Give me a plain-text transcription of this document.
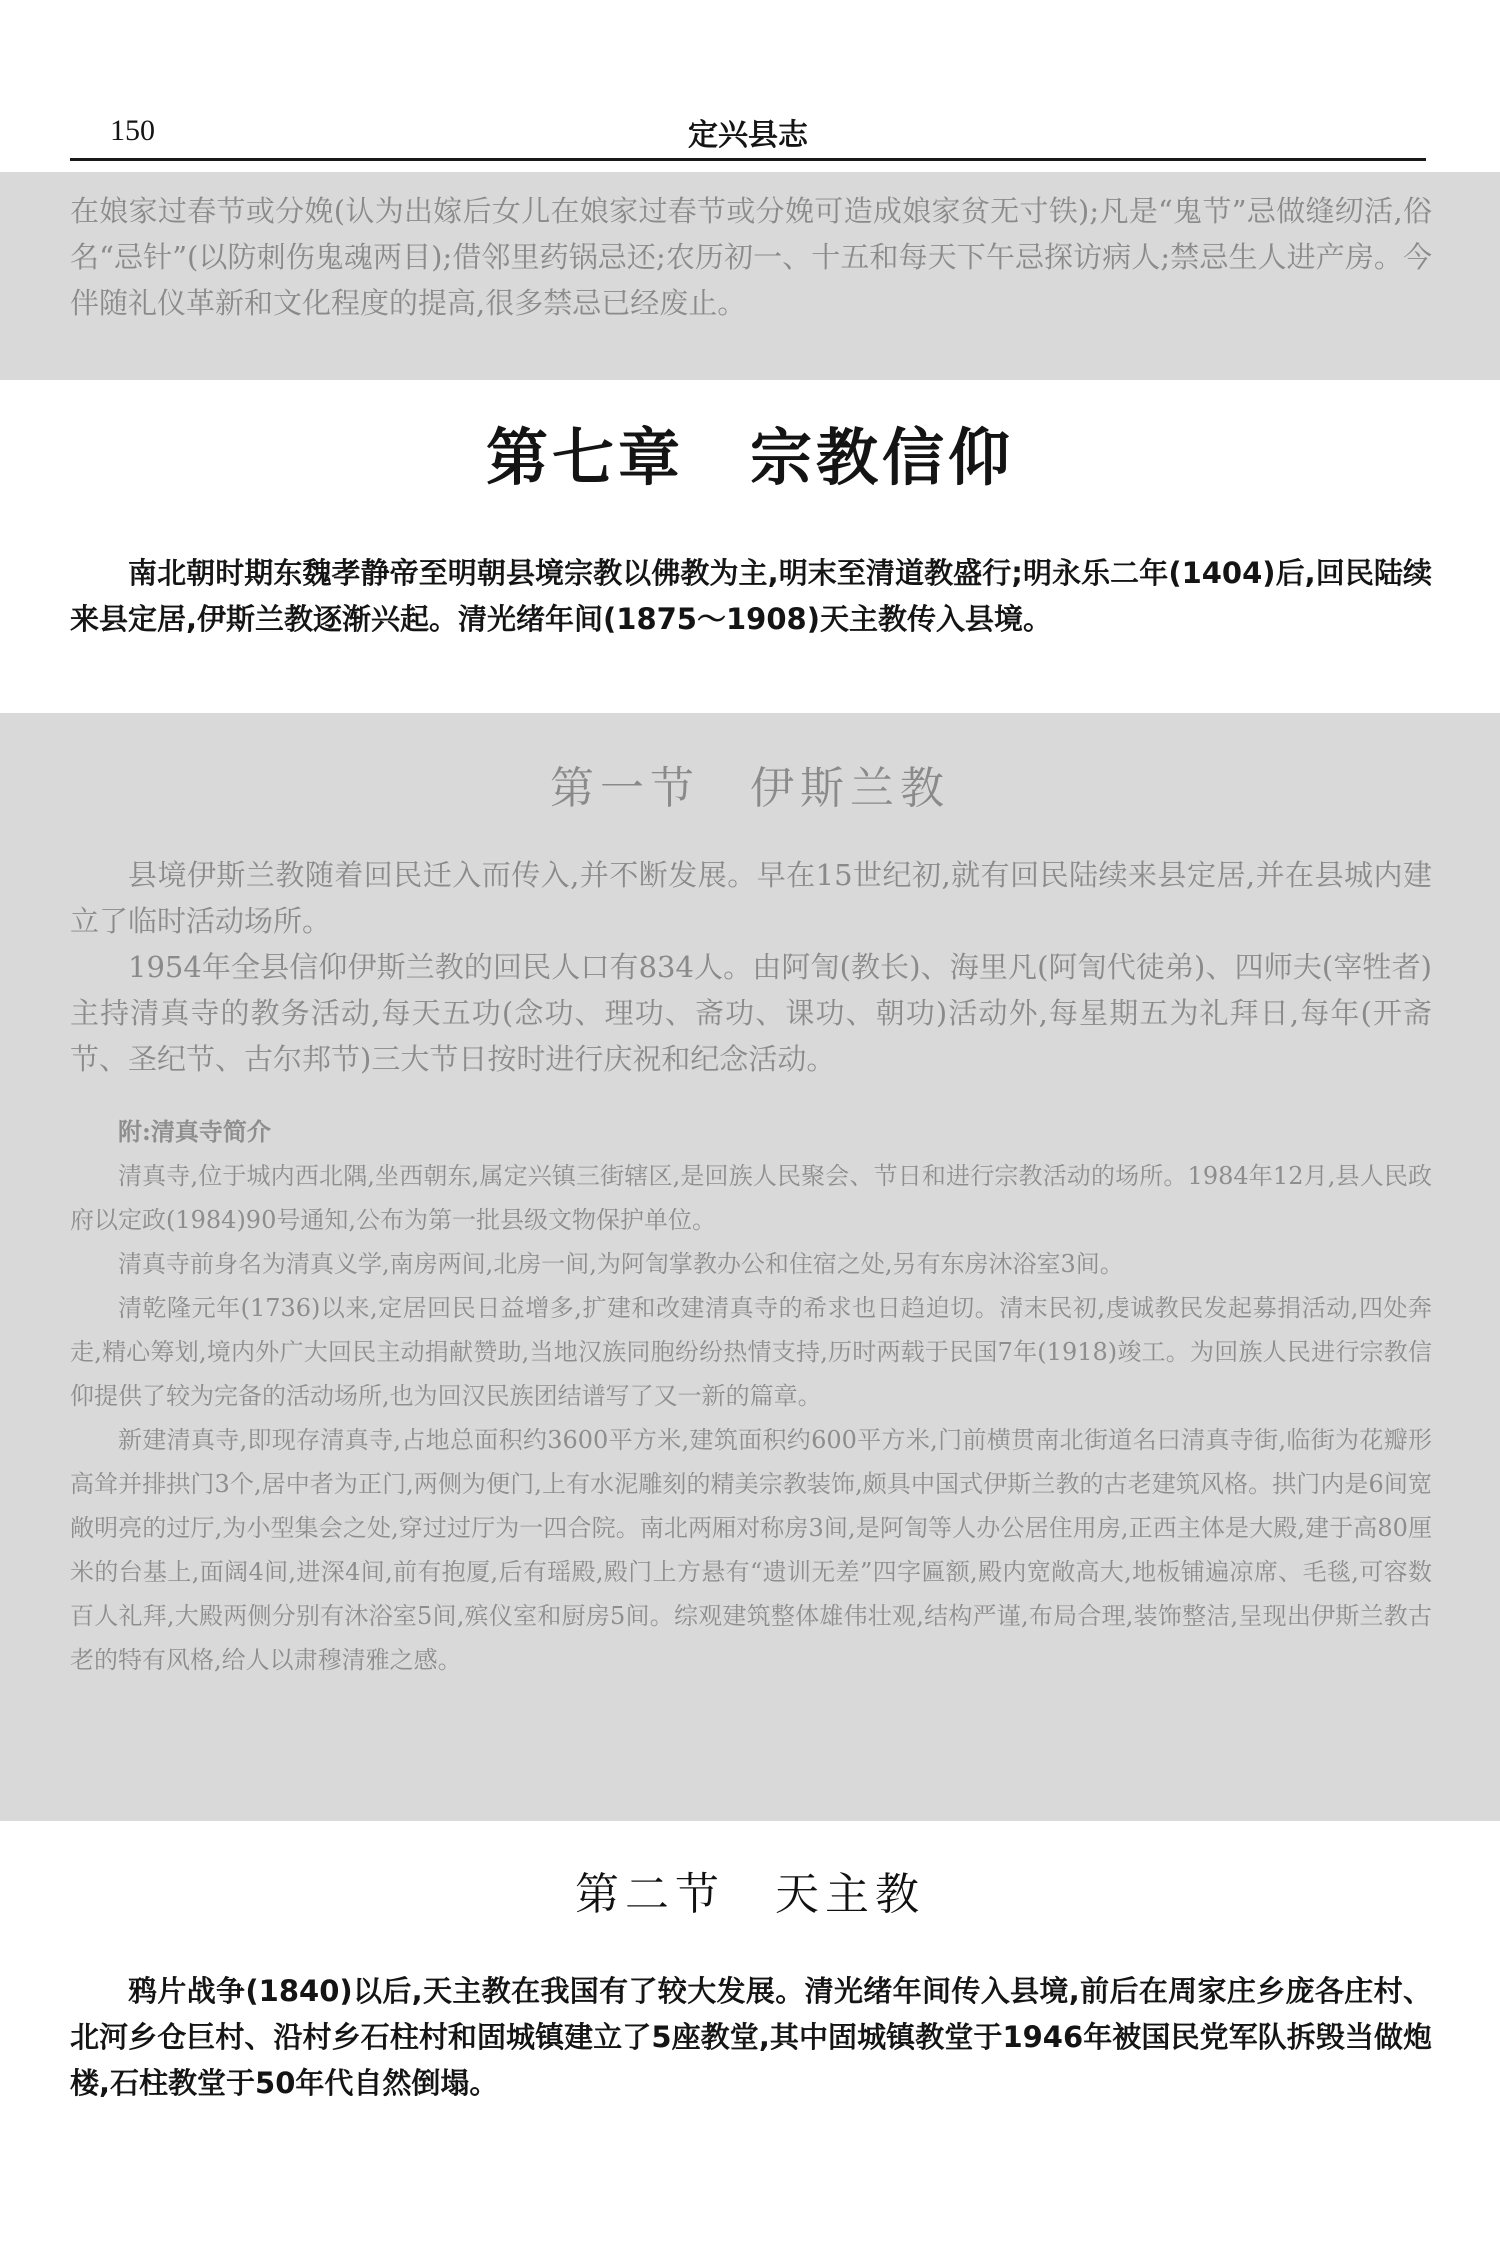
150	定兴县志

在娘家过春节或分娩(认为出嫁后女儿在娘家过春节或分娩可造成娘家贫无寸铁);凡是“鬼节”忌做缝纫活,俗名“忌针”(以防刺伤鬼魂两目);借邻里药锅忌还;农历初一、十五和每天下午忌探访病人;禁忌生人进产房。今伴随礼仪革新和文化程度的提高,很多禁忌已经废止。

第七章　宗教信仰

南北朝时期东魏孝静帝至明朝县境宗教以佛教为主,明末至清道教盛行;明永乐二年(1404)后,回民陆续来县定居,伊斯兰教逐渐兴起。清光绪年间(1875～1908)天主教传入县境。

第一节　伊斯兰教

县境伊斯兰教随着回民迁入而传入,并不断发展。早在15世纪初,就有回民陆续来县定居,并在县城内建立了临时活动场所。

1954年全县信仰伊斯兰教的回民人口有834人。由阿訇(教长)、海里凡(阿訇代徒弟)、四师夫(宰牲者)主持清真寺的教务活动,每天五功(念功、理功、斋功、课功、朝功)活动外,每星期五为礼拜日,每年(开斋节、圣纪节、古尔邦节)三大节日按时进行庆祝和纪念活动。

附:清真寺简介

清真寺,位于城内西北隅,坐西朝东,属定兴镇三街辖区,是回族人民聚会、节日和进行宗教活动的场所。1984年12月,县人民政府以定政(1984)90号通知,公布为第一批县级文物保护单位。

清真寺前身名为清真义学,南房两间,北房一间,为阿訇掌教办公和住宿之处,另有东房沐浴室3间。

清乾隆元年(1736)以来,定居回民日益增多,扩建和改建清真寺的希求也日趋迫切。清末民初,虔诚教民发起募捐活动,四处奔走,精心筹划,境内外广大回民主动捐献赞助,当地汉族同胞纷纷热情支持,历时两载于民国7年(1918)竣工。为回族人民进行宗教信仰提供了较为完备的活动场所,也为回汉民族团结谱写了又一新的篇章。

新建清真寺,即现存清真寺,占地总面积约3600平方米,建筑面积约600平方米,门前横贯南北街道名曰清真寺街,临街为花瓣形高耸并排拱门3个,居中者为正门,两侧为便门,上有水泥雕刻的精美宗教装饰,颇具中国式伊斯兰教的古老建筑风格。拱门内是6间宽敞明亮的过厅,为小型集会之处,穿过过厅为一四合院。南北两厢对称房3间,是阿訇等人办公居住用房,正西主体是大殿,建于高80厘米的台基上,面阔4间,进深4间,前有抱厦,后有瑶殿,殿门上方悬有“遗训无差”四字匾额,殿内宽敞高大,地板铺遍凉席、毛毯,可容数百人礼拜,大殿两侧分别有沐浴室5间,殡仪室和厨房5间。综观建筑整体雄伟壮观,结构严谨,布局合理,装饰整洁,呈现出伊斯兰教古老的特有风格,给人以肃穆清雅之感。

第二节　天主教

鸦片战争(1840)以后,天主教在我国有了较大发展。清光绪年间传入县境,前后在周家庄乡庞各庄村、北河乡仓巨村、沿村乡石柱村和固城镇建立了5座教堂,其中固城镇教堂于1946年被国民党军队拆毁当做炮楼,石柱教堂于50年代自然倒塌。
